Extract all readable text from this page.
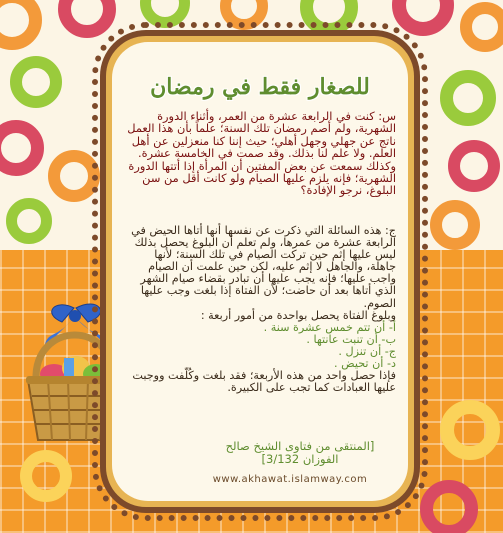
للصغار فقط في رمضان

س: كنت في الرابعة عشرة من العمر، وأثناء الدورة الشهرية، ولم أصم رمضان تلك السنة؛ علماً بأن هذا العمل ناتج عن جهلي وجهل أهلي؛ حيث إننا كنا منعزلين عن أهل العلم. ولا علم لنا بذلك. وقد صمت في الخامسة عشرة. وكذلك سمعت عن بعض المفتين أن المرأة إذا أتتها الدورة الشهرية؛ فإنه يلزم عليها الصيام ولو كانت أقل من سن البلوغ، نرجو الإفادة؟

ج: هذه السائلة التي ذكرت عن نفسها أنها أتاها الحيض في الرابعة عشرة من عمرها، ولم تعلم أن البلوغ يحصل بذلك ليس عليها إثم حين تركت الصيام في تلك السنة؛ لأنها جاهلة، والجاهل لا إثم عليه، لكن حين علمت أن الصيام واجب عليها؛ فإنه يجب عليها أن تبادر بقضاء صيام الشهر الذي أتاها بعد أن حاضت؛ لأن الفتاة إذا بلغت وجب عليها الصوم.

وبلوغ الفتاة يحصل بواحدة من أمور أربعة :

أ- أن تتم خمس عشرة سنة .

ب- أن تنبت عانتها .

ج- أن تنزل .

د- أن تحيض .

فإذا حصل واحد من هذه الأربعة؛ فقد بلغت وكُلّفت ووجبت عليها العبادات كما تجب على الكبيرة.

[المنتقى من فتاوى الشيخ صالح
الفوزان 3/132]
www.akhawat.islamway.com
